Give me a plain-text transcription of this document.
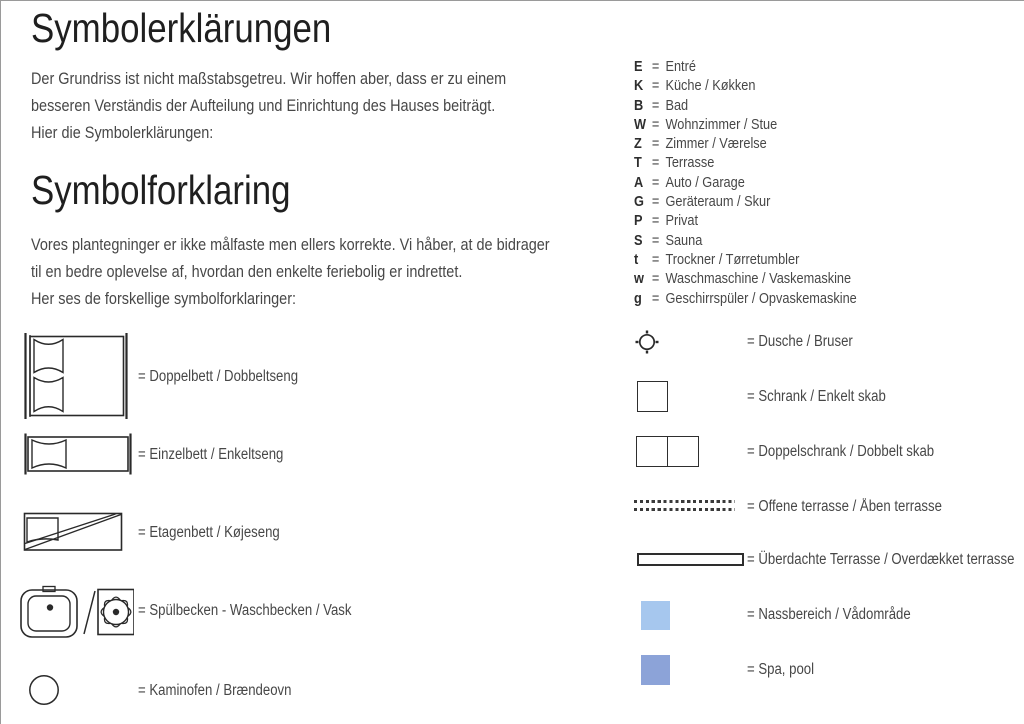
Symbolerklärungen
Der Grundriss ist nicht maßstabsgetreu. Wir hoffen aber, dass er zu einem
besseren Verständis der Aufteilung und Einrichtung des Hauses beiträgt.
Hier die Symbolerklärungen:
Symbolforklaring
Vores plantegninger er ikke målfaste men ellers korrekte. Vi håber, at de bidrager
til en bedre oplevelse af, hvordan den enkelte feriebolig er indrettet.
Her ses de forskellige symbolforklaringer:
= Doppelbett / Dobbeltseng
= Einzelbett / Enkeltseng
= Etagenbett / Køjeseng
= Spülbecken - Waschbecken / Vask
= Kaminofen / Brændeovn
E = Entré
K = Küche / Køkken
B = Bad
W = Wohnzimmer / Stue
Z = Zimmer / Værelse
T = Terrasse
A = Auto / Garage
G = Geräteraum / Skur
P = Privat
S = Sauna
t = Trockner / Tørretumbler
w = Waschmaschine / Vaskemaskine
g = Geschirrspüler / Opvaskemaskine
= Dusche / Bruser
= Schrank / Enkelt skab
= Doppelschrank / Dobbelt skab
= Offene terrasse / Åben terrasse
= Überdachte Terrasse / Overdækket terrasse
= Nassbereich / Vådområde
= Spa, pool
